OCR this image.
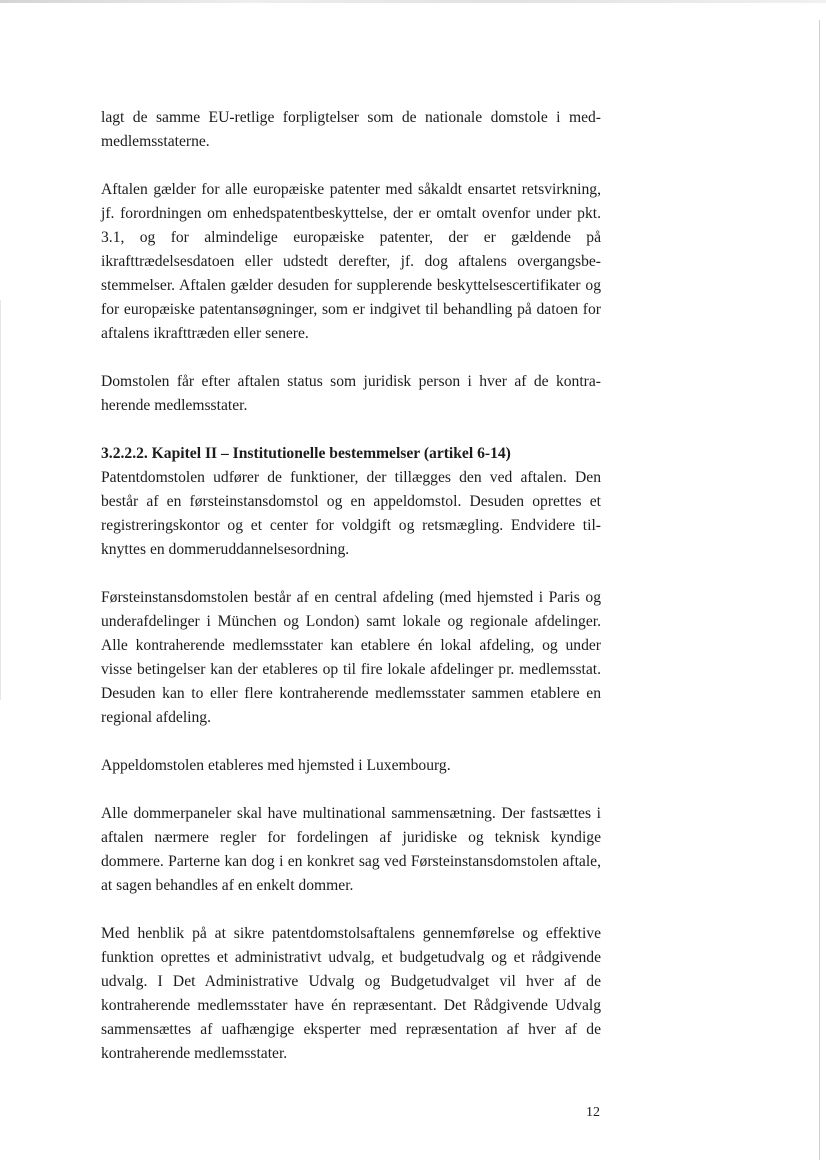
lagt de samme EU-retlige forpligtelser som de nationale domstole i medmedlemsstaterne.

Aftalen gælder for alle europæiske patenter med såkaldt ensartet retsvirkning, jf. forordningen om enhedspatentbeskyttelse, der er omtalt ovenfor under pkt. 3.1, og for almindelige europæiske patenter, der er gældende på ikrafttrædelsesdatoen eller udstedt derefter, jf. dog aftalens overgangsbestemmelser. Aftalen gælder desuden for supplerende beskyttelsescertifikater og for europæiske patentansøgninger, som er indgivet til behandling på datoen for aftalens ikrafttræden eller senere.

Domstolen får efter aftalen status som juridisk person i hver af de kontraherende medlemsstater.

3.2.2.2. Kapitel II – Institutionelle bestemmelser (artikel 6-14)

Patentdomstolen udfører de funktioner, der tillægges den ved aftalen. Den består af en førsteinstansdomstol og en appeldomstol. Desuden oprettes et registreringskontor og et center for voldgift og retsmægling. Endvidere tilknyttes en dommeruddannelsesordning.

Førsteinstansdomstolen består af en central afdeling (med hjemsted i Paris og underafdelinger i München og London) samt lokale og regionale afdelinger. Alle kontraherende medlemsstater kan etablere én lokal afdeling, og under visse betingelser kan der etableres op til fire lokale afdelinger pr. medlemsstat. Desuden kan to eller flere kontraherende medlemsstater sammen etablere en regional afdeling.

Appeldomstolen etableres med hjemsted i Luxembourg.

Alle dommerpaneler skal have multinational sammensætning. Der fastsættes i aftalen nærmere regler for fordelingen af juridiske og teknisk kyndige dommere. Parterne kan dog i en konkret sag ved Førsteinstansdomstolen aftale, at sagen behandles af en enkelt dommer.

Med henblik på at sikre patentdomstolsaftalens gennemførelse og effektive funktion oprettes et administrativt udvalg, et budgetudvalg og et rådgivende udvalg. I Det Administrative Udvalg og Budgetudvalget vil hver af de kontraherende medlemsstater have én repræsentant. Det Rådgivende Udvalg sammensættes af uafhængige eksperter med repræsentation af hver af de kontraherende medlemsstater.

12
